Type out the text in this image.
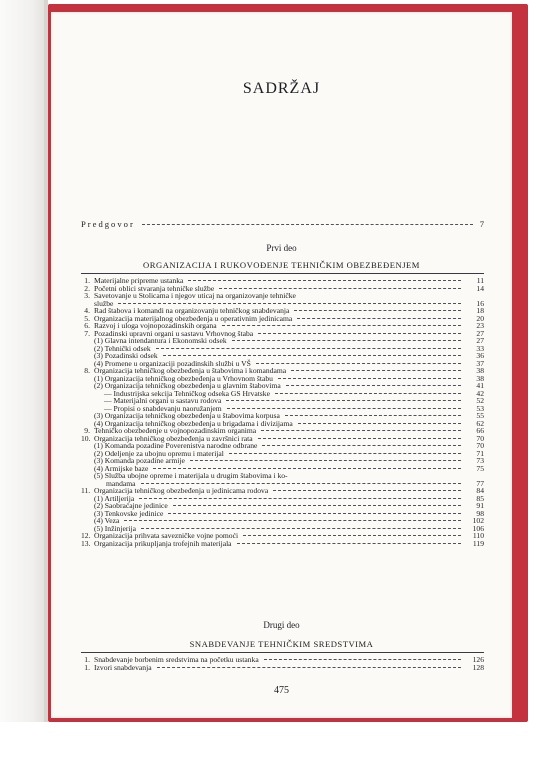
SADRŽAJ
Predgovor	7
Prvi deo
ORGANIZACIJA I RUKOVOĐENJE TEHNIČKIM OBEZBEĐENJEM
1. Materijalne pripreme ustanka	11
2. Početni oblici stvaranja tehničke službe	14
3. Savetovanje u Stolicama i njegov uticaj na organizovanje tehničke
službe	16
4. Rad štabova i komandi na organizovanju tehničkog snabdevanja	18
5. Organizacija materijalnog obezbeđenja u operativnim jedinicama	20
6. Razvoj i uloga vojnopozadinskih organa	23
7. Pozadinski upravni organi u sastavu Vrhovnog štaba	27
(1) Glavna intendantura i Ekonomski odsek	27
(2) Tehnički odsek	33
(3) Pozadinski odsek	36
(4) Promene u organizaciji pozadinskih službi u VŠ	37
8. Organizacija tehničkog obezbeđenja u štabovima i komandama	38
(1) Organizacija tehničkog obezbeđenja u Vrhovnom štabu	38
(2) Organizacija tehničkog obezbeđenja u glavnim štabovima	41
— Industrijska sekcija Tehničkog odseka GS Hrvatske	42
— Materijalni organi u sastavu rodova	52
— Propisi o snabdevanju naoružanjem	53
(3) Organizacija tehničkog obezbeđenja u štabovima korpusa	55
(4) Organizacija tehničkog obezbeđenja u brigadama i divizijama	62
9. Tehničko obezbeđenje u vojnopozadinskim organima	66
10. Organizacija tehničkog obezbeđenja u završnici rata	70
(1) Komanda pozadine Poverenistva narodne odbrane	70
(2) Odeljenje za ubojnu opremu i materijal	71
(3) Komanda pozadine armije	73
(4) Armijske baze	75
(5) Služba ubojne opreme i materijala u drugim štabovima i ko-
mandama	77
11. Organizacija tehničkog obezbeđenja u jedinicama rodova	84
(1) Artiljerija	85
(2) Saobraćajne jedinice	91
(3) Tenkovske jedinice	98
(4) Veza	102
(5) Inžinjerija	106
12. Organizacija prihvata savezničke vojne pomoći	110
13. Organizacija prikupljanja trofejnih materijala	119
Drugi deo
SNABDEVANJE TEHNIČKIM SREDSTVIMA
1. Snabdevanje borbenim sredstvima na početku ustanka	126
1. Izvori snabdevanja	128
475
